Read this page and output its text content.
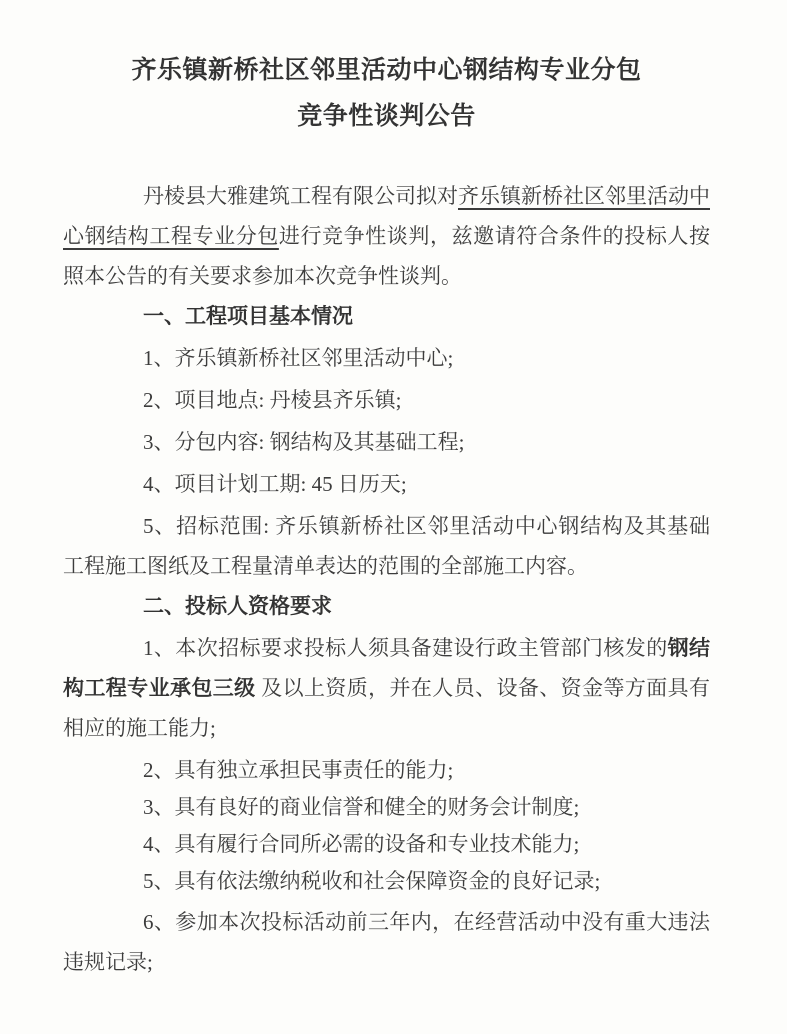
齐乐镇新桥社区邻里活动中心钢结构专业分包
竞争性谈判公告

丹棱县大雅建筑工程有限公司拟对齐乐镇新桥社区邻里活动中心钢结构工程专业分包进行竞争性谈判，兹邀请符合条件的投标人按照本公告的有关要求参加本次竞争性谈判。

一、工程项目基本情况
1、齐乐镇新桥社区邻里活动中心;
2、项目地点: 丹棱县齐乐镇;
3、分包内容: 钢结构及其基础工程;
4、项目计划工期: 45 日历天;

5、招标范围: 齐乐镇新桥社区邻里活动中心钢结构及其基础工程施工图纸及工程量清单表达的范围的全部施工内容。

二、投标人资格要求

1、本次招标要求投标人须具备建设行政主管部门核发的钢结构工程专业承包三级 及以上资质，并在人员、设备、资金等方面具有相应的施工能力;

2、具有独立承担民事责任的能力;
3、具有良好的商业信誉和健全的财务会计制度;
4、具有履行合同所必需的设备和专业技术能力;
5、具有依法缴纳税收和社会保障资金的良好记录;

6、参加本次投标活动前三年内，在经营活动中没有重大违法违规记录;
